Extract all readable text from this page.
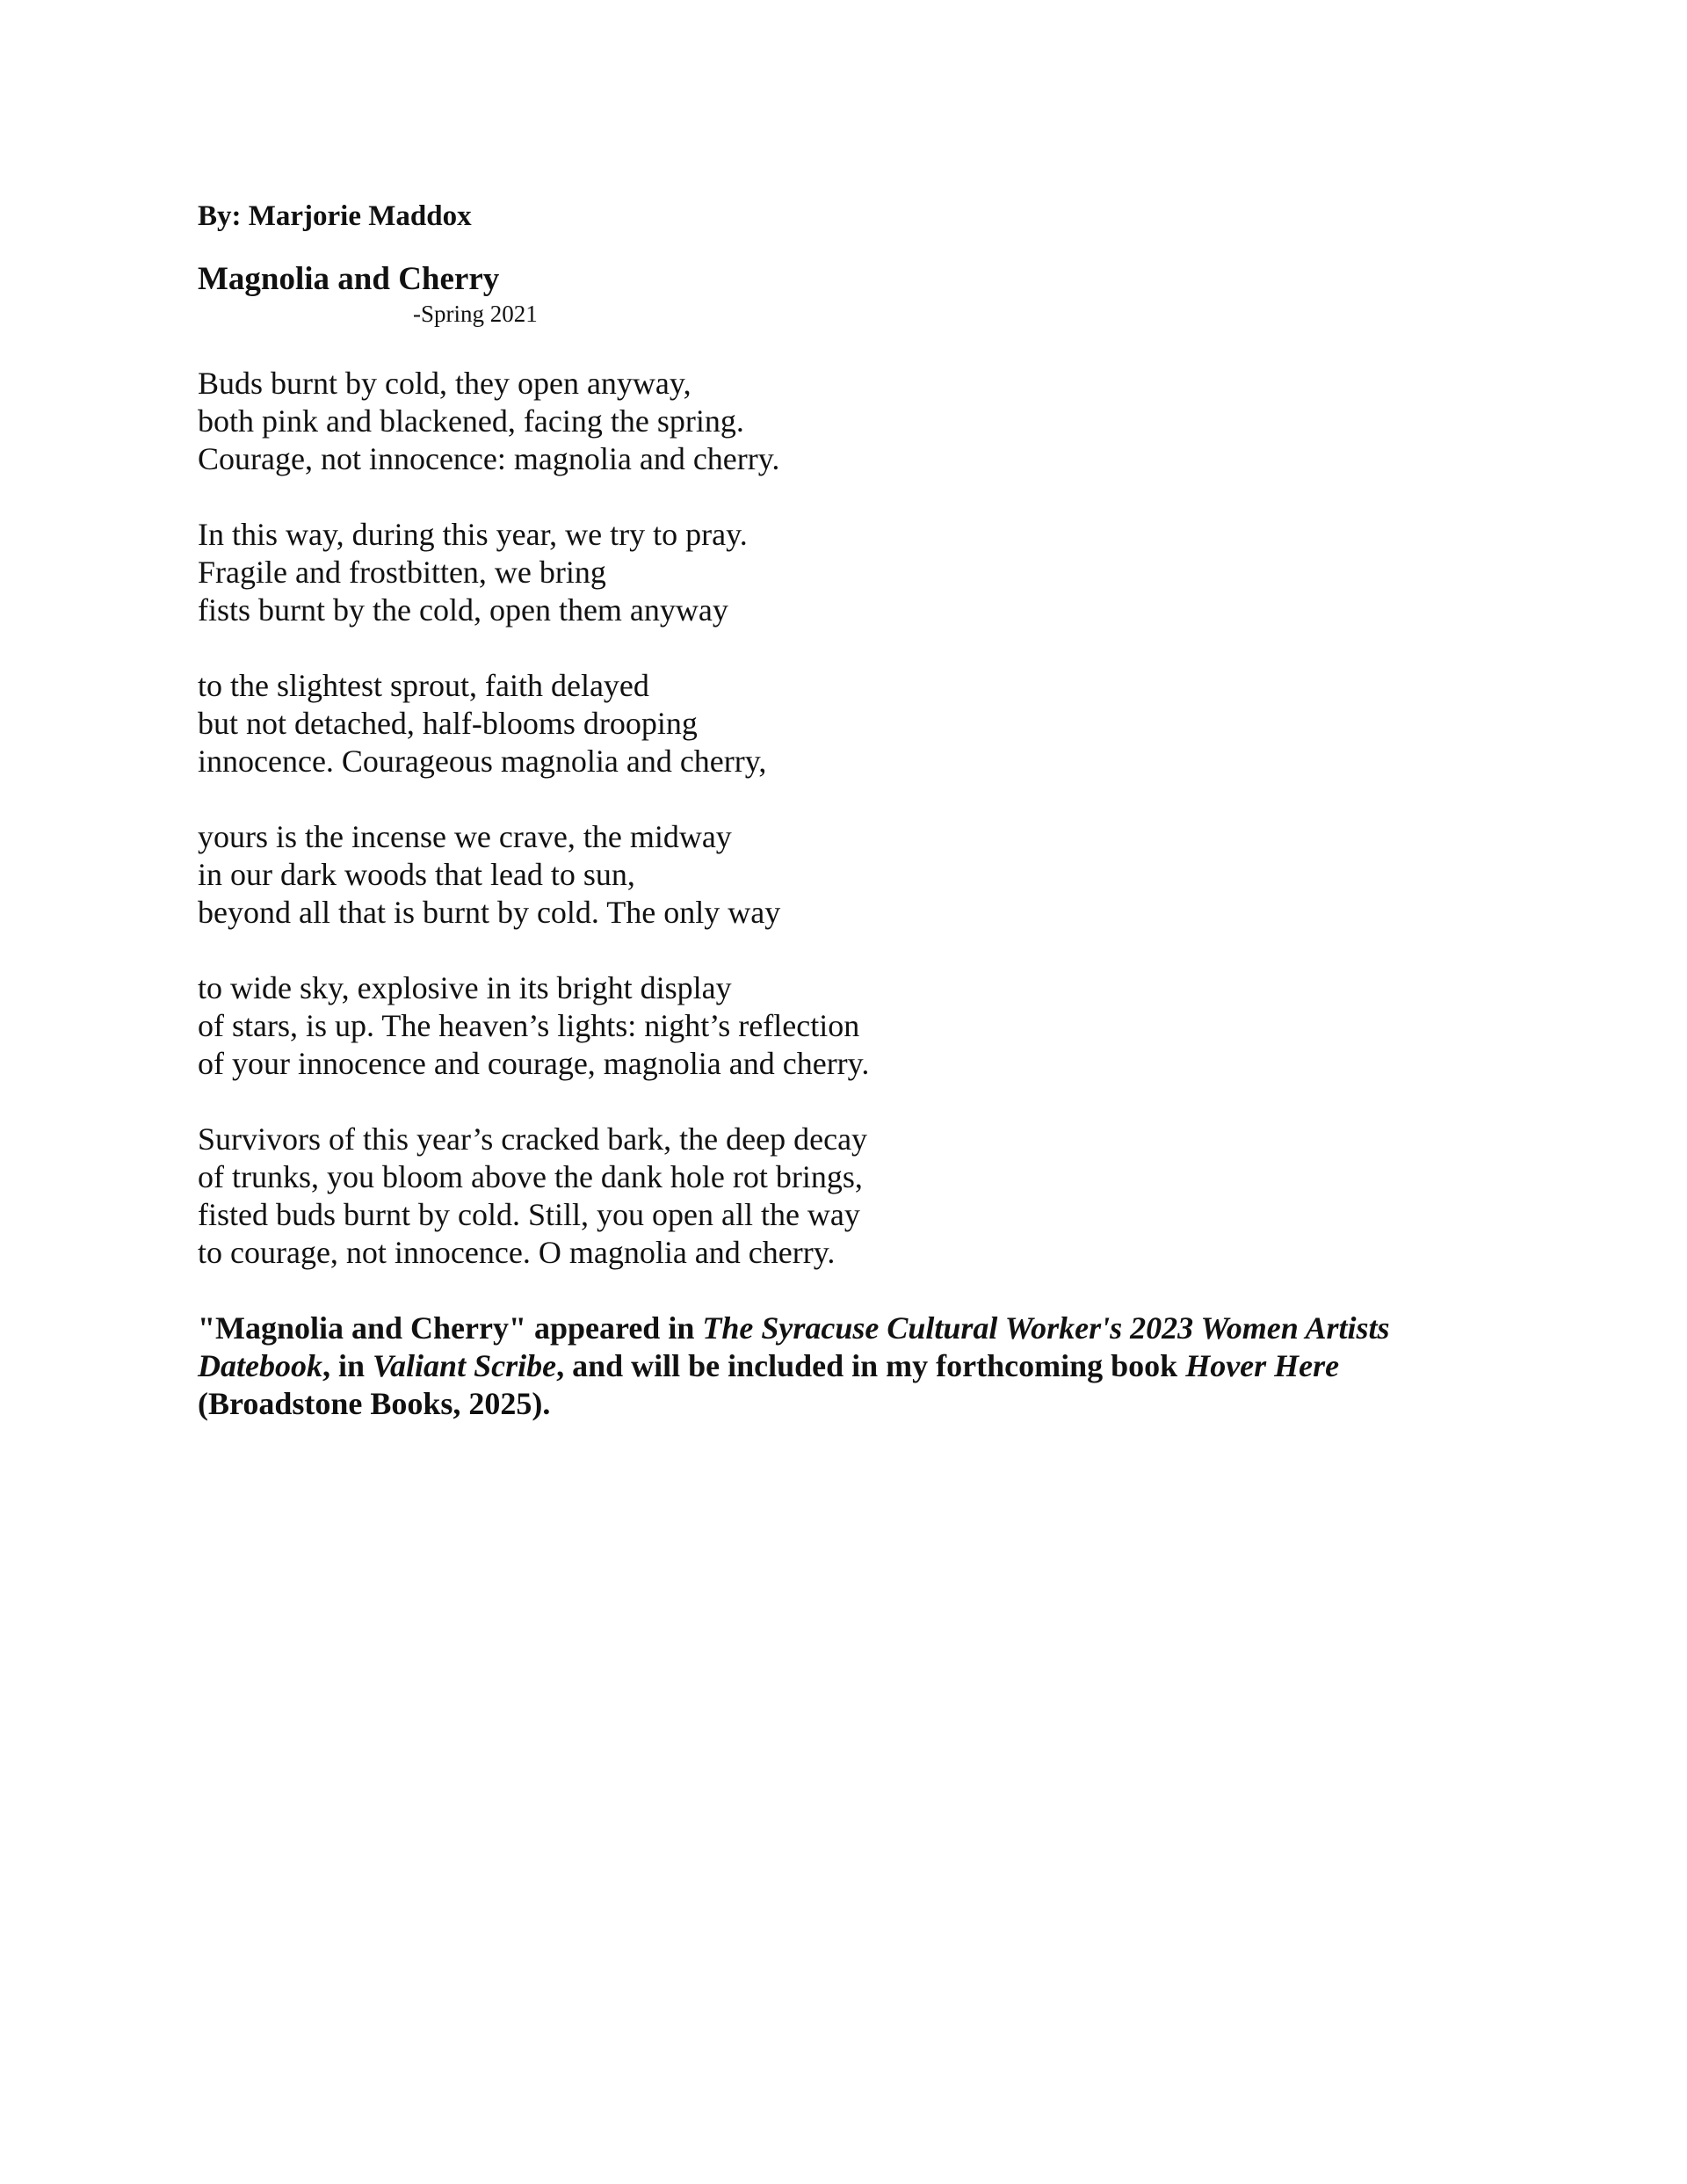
By: Marjorie Maddox
Magnolia and Cherry
-Spring 2021
Buds burnt by cold, they open anyway,
both pink and blackened, facing the spring.
Courage, not innocence: magnolia and cherry.
In this way, during this year, we try to pray.
Fragile and frostbitten, we bring
fists burnt by the cold, open them anyway
to the slightest sprout, faith delayed
but not detached, half-blooms drooping
innocence. Courageous magnolia and cherry,
yours is the incense we crave, the midway
in our dark woods that lead to sun,
beyond all that is burnt by cold. The only way
to wide sky, explosive in its bright display
of stars, is up. The heaven’s lights: night’s reflection
of your innocence and courage, magnolia and cherry.
Survivors of this year’s cracked bark, the deep decay
of trunks, you bloom above the dank hole rot brings,
fisted buds burnt by cold. Still, you open all the way
to courage, not innocence. O magnolia and cherry.
"Magnolia and Cherry" appeared in The Syracuse Cultural Worker's 2023 Women Artists Datebook, in Valiant Scribe, and will be included in my forthcoming book Hover Here (Broadstone Books, 2025).
